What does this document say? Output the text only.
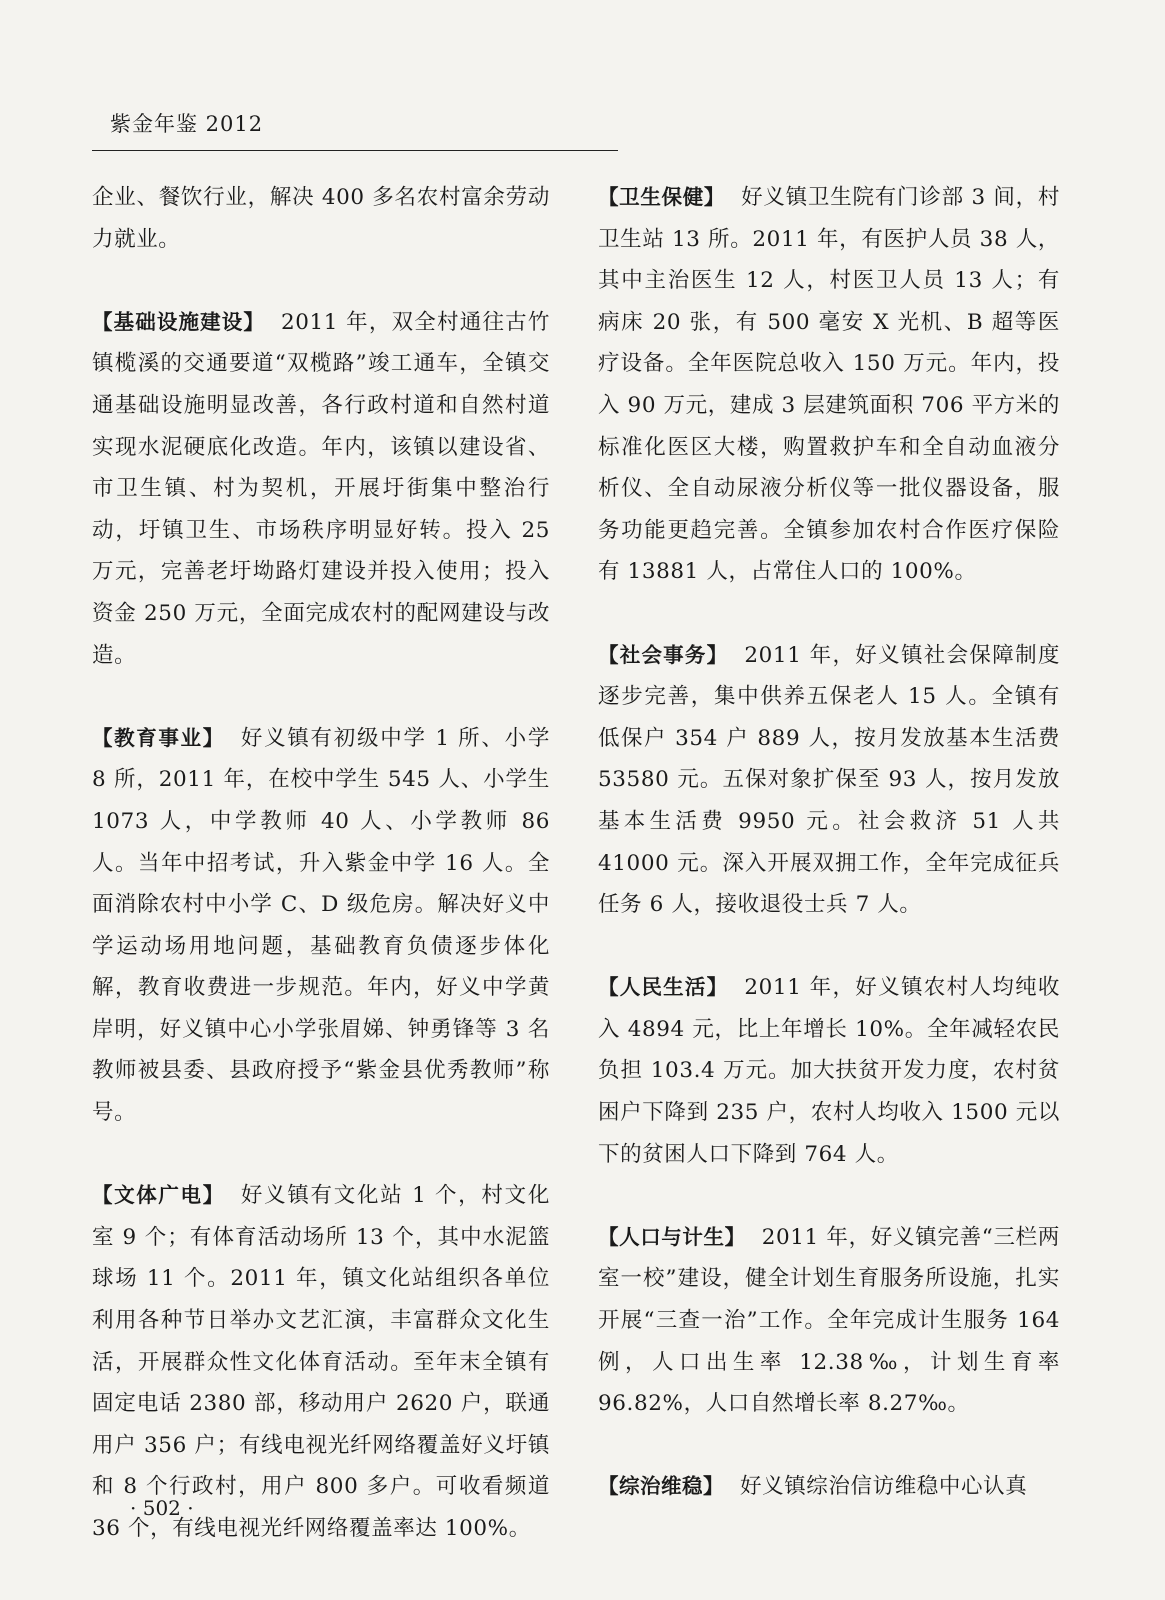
紫金年鉴 2012

企业、餐饮行业，解决 400 多名农村富余劳动力就业。

【基础设施建设】 2011 年，双全村通往古竹镇榄溪的交通要道“双榄路”竣工通车，全镇交通基础设施明显改善，各行政村道和自然村道实现水泥硬底化改造。年内，该镇以建设省、市卫生镇、村为契机，开展圩街集中整治行动，圩镇卫生、市场秩序明显好转。投入 25 万元，完善老圩坳路灯建设并投入使用；投入资金 250 万元，全面完成农村的配网建设与改造。

【教育事业】 好义镇有初级中学 1 所、小学 8 所，2011 年，在校中学生 545 人、小学生 1073 人，中学教师 40 人、小学教师 86 人。当年中招考试，升入紫金中学 16 人。全面消除农村中小学 C、D 级危房。解决好义中学运动场用地问题，基础教育负债逐步体化解，教育收费进一步规范。年内，好义中学黄岸明，好义镇中心小学张眉娣、钟勇锋等 3 名教师被县委、县政府授予“紫金县优秀教师”称号。

【文体广电】 好义镇有文化站 1 个，村文化室 9 个；有体育活动场所 13 个，其中水泥篮球场 11 个。2011 年，镇文化站组织各单位利用各种节日举办文艺汇演，丰富群众文化生活，开展群众性文化体育活动。至年末全镇有固定电话 2380 部，移动用户 2620 户，联通用户 356 户；有线电视光纤网络覆盖好义圩镇和 8 个行政村，用户 800 多户。可收看频道 36 个，有线电视光纤网络覆盖率达 100%。

【卫生保健】 好义镇卫生院有门诊部 3 间，村卫生站 13 所。2011 年，有医护人员 38 人，其中主治医生 12 人，村医卫人员 13 人；有病床 20 张，有 500 毫安 X 光机、B 超等医疗设备。全年医院总收入 150 万元。年内，投入 90 万元，建成 3 层建筑面积 706 平方米的标准化医区大楼，购置救护车和全自动血液分析仪、全自动尿液分析仪等一批仪器设备，服务功能更趋完善。全镇参加农村合作医疗保险有 13881 人，占常住人口的 100%。

【社会事务】 2011 年，好义镇社会保障制度逐步完善，集中供养五保老人 15 人。全镇有低保户 354 户 889 人，按月发放基本生活费 53580 元。五保对象扩保至 93 人，按月发放基本生活费 9950 元。社会救济 51 人共 41000 元。深入开展双拥工作，全年完成征兵任务 6 人，接收退役士兵 7 人。

【人民生活】 2011 年，好义镇农村人均纯收入 4894 元，比上年增长 10%。全年减轻农民负担 103.4 万元。加大扶贫开发力度，农村贫困户下降到 235 户，农村人均收入 1500 元以下的贫困人口下降到 764 人。

【人口与计生】 2011 年，好义镇完善“三栏两室一校”建设，健全计划生育服务所设施，扎实开展“三查一治”工作。全年完成计生服务 164 例，人口出生率 12.38‰，计划生育率 96.82%，人口自然增长率 8.27‰。

【综治维稳】 好义镇综治信访维稳中心认真

· 502 ·
